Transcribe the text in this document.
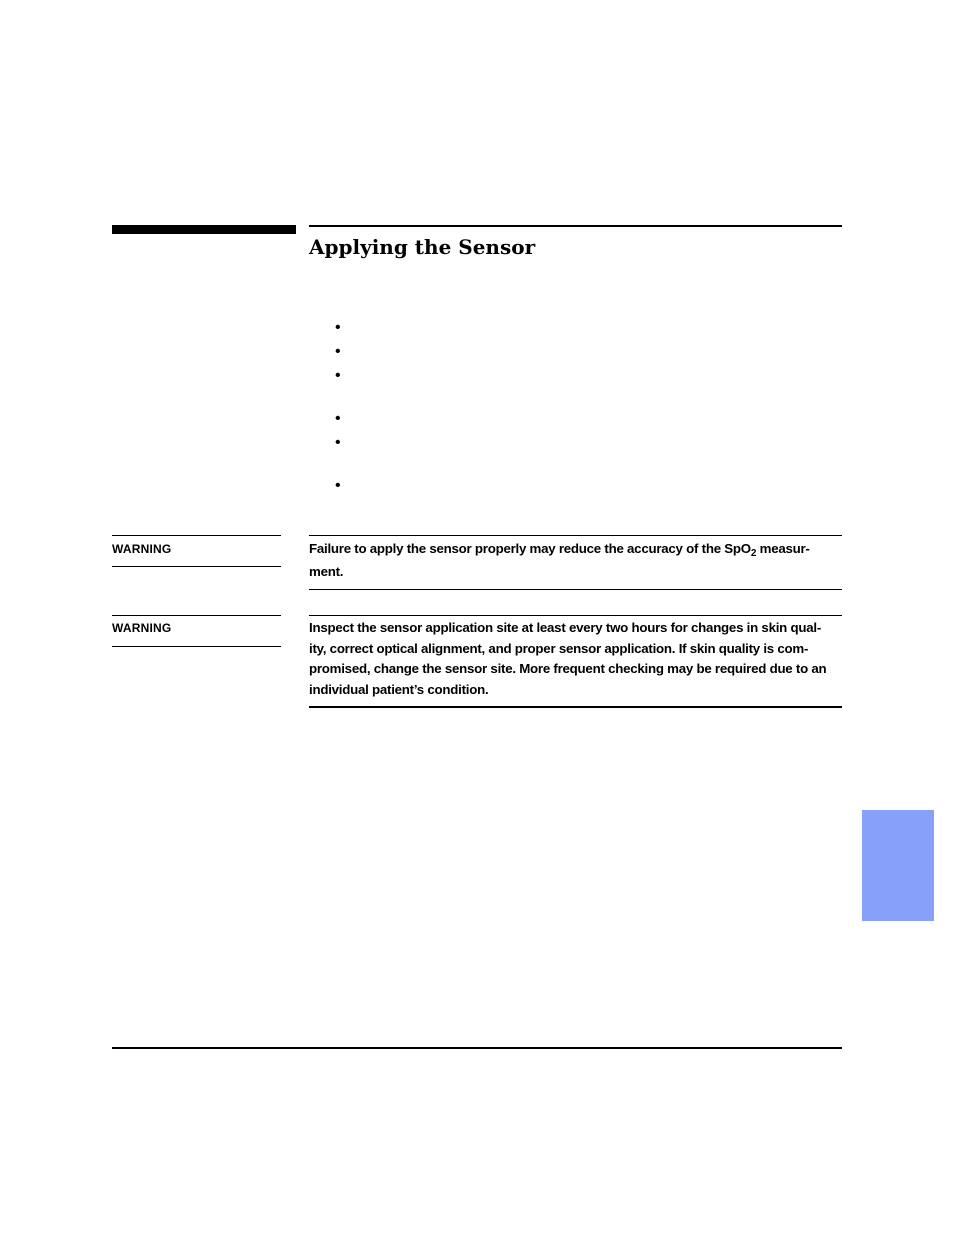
Applying the Sensor
•
•
•
•
•
•
WARNING	Failure to apply the sensor properly may reduce the accuracy of the SpO$_2$ measur-
ment.
WARNING	Inspect the sensor application site at least every two hours for changes in skin qual-
ity, correct optical alignment, and proper sensor application. If skin quality is com-
promised, change the sensor site. More frequent checking may be required due to an
individual patient’s condition.
